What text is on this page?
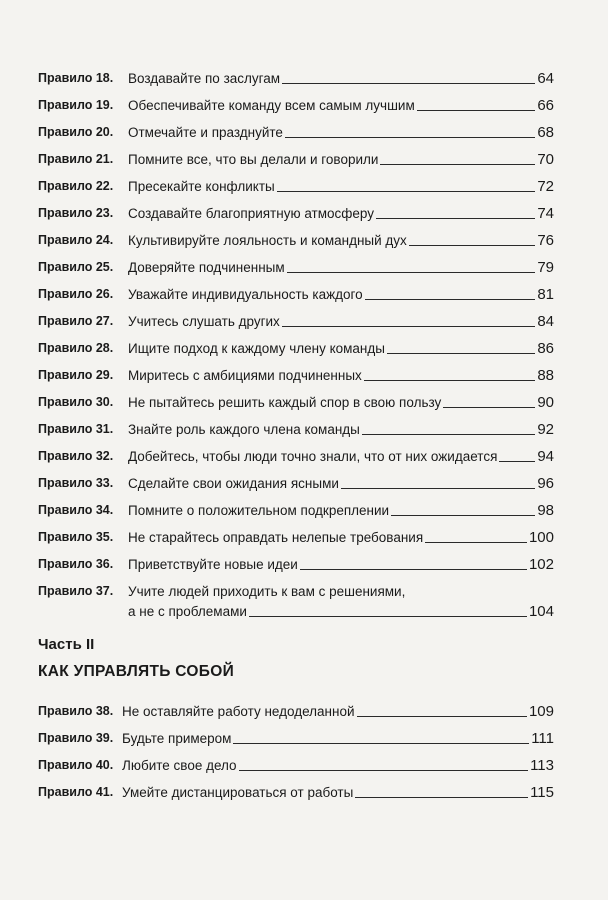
Правило 18.	Воздавайте по заслугам	64
Правило 19.	Обеспечивайте команду всем самым лучшим	66
Правило 20.	Отмечайте и празднуйте	68
Правило 21.	Помните все, что вы делали и говорили	70
Правило 22.	Пресекайте конфликты	72
Правило 23.	Создавайте благоприятную атмосферу	74
Правило 24.	Культивируйте лояльность и командный дух	76
Правило 25.	Доверяйте подчиненным	79
Правило 26.	Уважайте индивидуальность каждого	81
Правило 27.	Учитесь слушать других	84
Правило 28.	Ищите подход к каждому члену команды	86
Правило 29.	Миритесь с амбициями подчиненных	88
Правило 30.	Не пытайтесь решить каждый спор в свою пользу	90
Правило 31.	Знайте роль каждого члена команды	92
Правило 32.	Добейтесь, чтобы люди точно знали, что от них ожидается	94
Правило 33.	Сделайте свои ожидания ясными	96
Правило 34.	Помните о положительном подкреплении	98
Правило 35.	Не старайтесь оправдать нелепые требования	100
Правило 36.	Приветствуйте новые идеи	102
Правило 37.	Учите людей приходить к вам с решениями,
а не с проблемами	104
Часть II
КАК УПРАВЛЯТЬ СОБОЙ
Правило 38. Не оставляйте работу недоделанной	109
Правило 39. Будьте примером	111
Правило 40. Любите свое дело	113
Правило 41. Умейте дистанцироваться от работы	115
